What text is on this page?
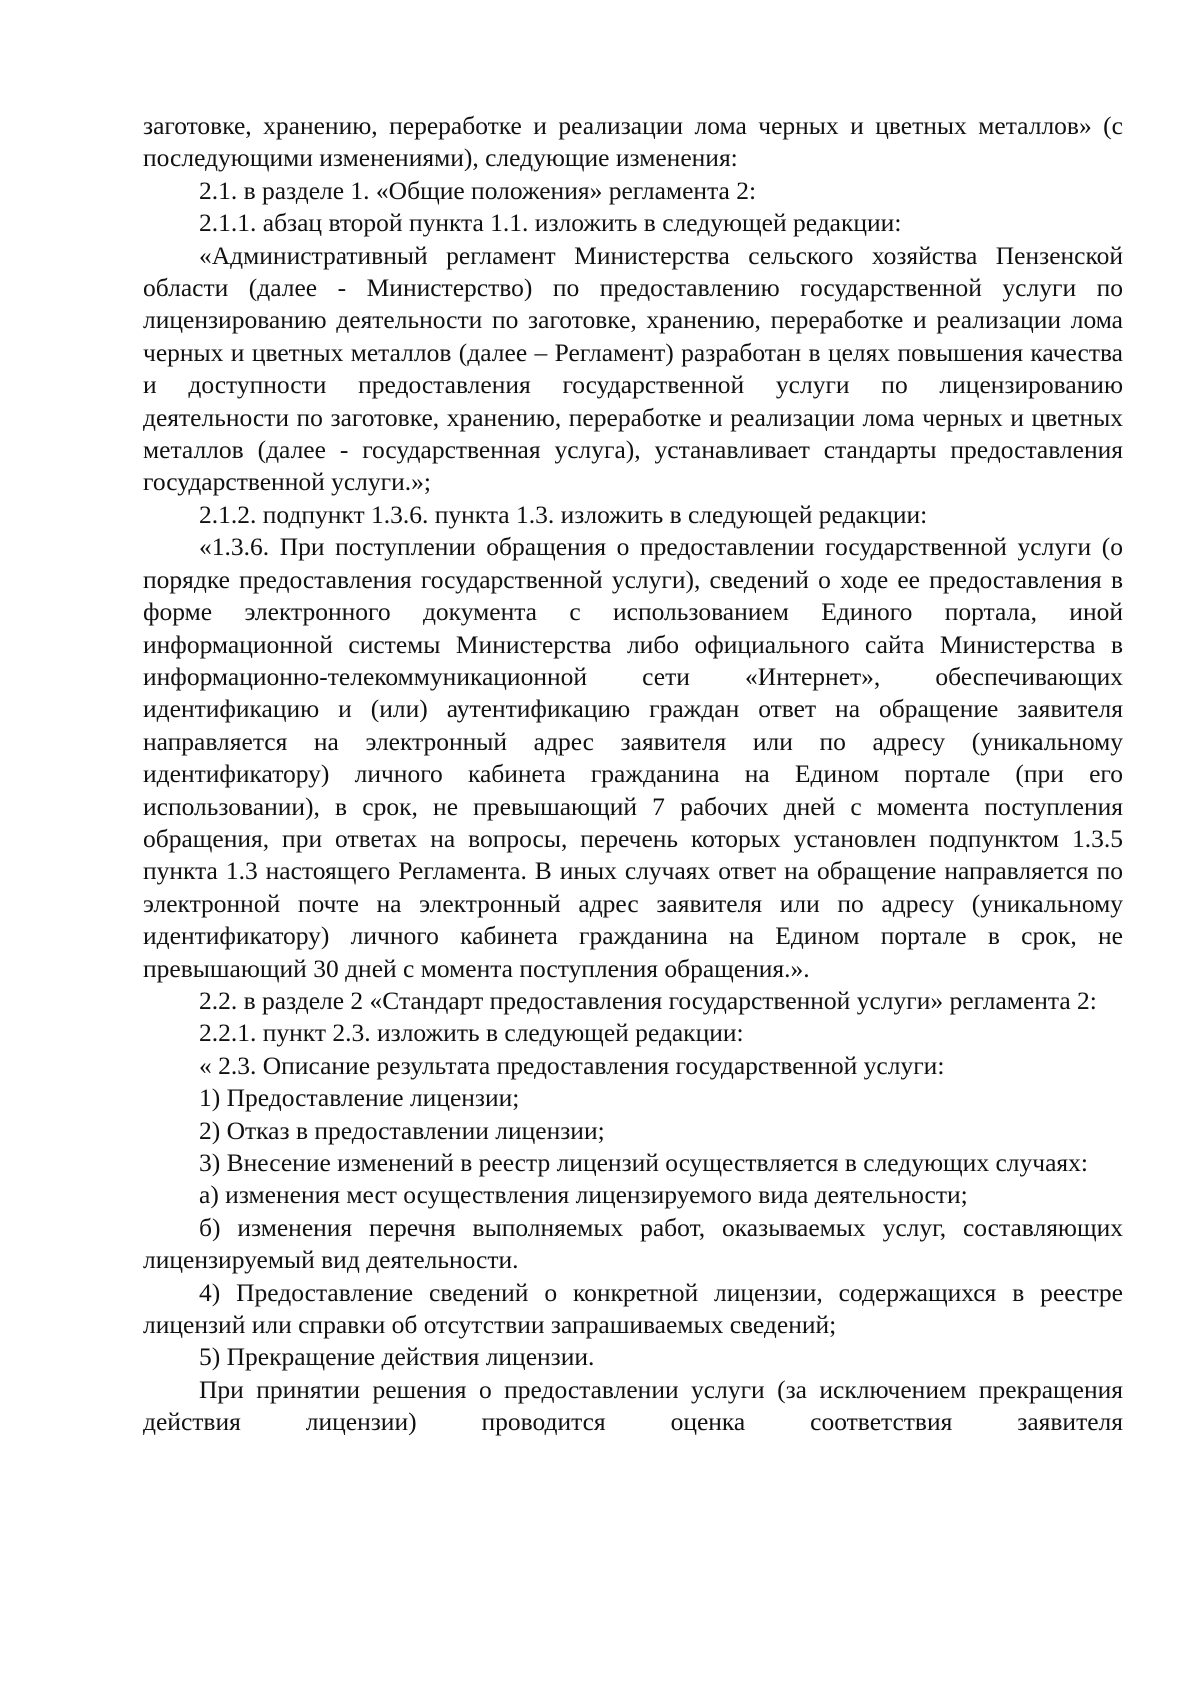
заготовке, хранению, переработке и реализации лома черных и цветных металлов» (с последующими изменениями), следующие изменения:

2.1. в разделе 1. «Общие положения» регламента 2:

2.1.1. абзац второй пункта 1.1. изложить в следующей редакции:

«Административный регламент Министерства сельского хозяйства Пензенской области (далее - Министерство) по предоставлению государственной услуги по лицензированию деятельности по заготовке, хранению, переработке и реализации лома черных и цветных металлов (далее – Регламент) разработан в целях повышения качества и доступности предоставления государственной услуги по лицензированию деятельности по заготовке, хранению, переработке и реализации лома черных и цветных металлов (далее - государственная услуга), устанавливает стандарты предоставления государственной услуги.»;

2.1.2. подпункт 1.3.6. пункта 1.3. изложить в следующей редакции:

«1.3.6. При поступлении обращения о предоставлении государственной услуги (о порядке предоставления государственной услуги), сведений о ходе ее предоставления в форме электронного документа с использованием Единого портала, иной информационной системы Министерства либо официального сайта Министерства в информационно-телекоммуникационной сети «Интернет», обеспечивающих идентификацию и (или) аутентификацию граждан ответ на обращение заявителя направляется на электронный адрес заявителя или по адресу (уникальному идентификатору) личного кабинета гражданина на Едином портале (при его использовании), в срок, не превышающий 7 рабочих дней с момента поступления обращения, при ответах на вопросы, перечень которых установлен подпунктом 1.3.5 пункта 1.3 настоящего Регламента. В иных случаях ответ на обращение направляется по электронной почте на электронный адрес заявителя или по адресу (уникальному идентификатору) личного кабинета гражданина на Едином портале в срок, не превышающий 30 дней с момента поступления обращения.».

2.2. в разделе 2 «Стандарт предоставления государственной услуги» регламента 2:

2.2.1. пункт 2.3. изложить в следующей редакции:

« 2.3. Описание результата предоставления государственной услуги:

1) Предоставление лицензии;

2) Отказ в предоставлении лицензии;

3) Внесение изменений в реестр лицензий осуществляется в следующих случаях:

а) изменения мест осуществления лицензируемого вида деятельности;

б) изменения перечня выполняемых работ, оказываемых услуг, составляющих лицензируемый вид деятельности.

4) Предоставление сведений о конкретной лицензии, содержащихся в реестре лицензий или справки об отсутствии запрашиваемых сведений;

5) Прекращение действия лицензии.

При принятии решения о предоставлении услуги (за исключением прекращения действия лицензии) проводится оценка соответствия заявителя
